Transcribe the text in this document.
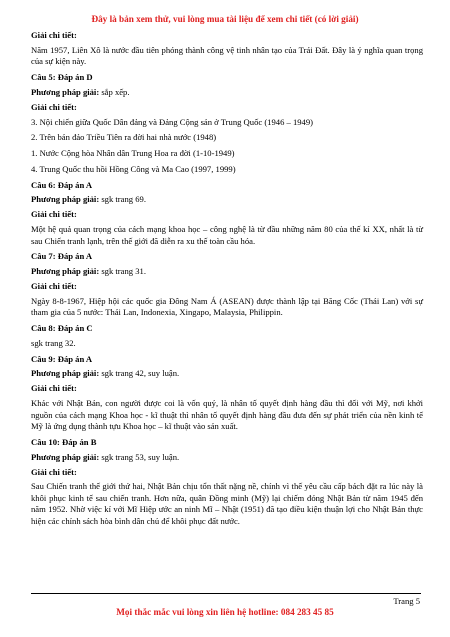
Đây là bản xem thử, vui lòng mua tài liệu để xem chi tiết (có lời giải)

Giải chi tiết:

Năm 1957, Liên Xô là nước đầu tiên phóng thành công vệ tinh nhân tạo của Trái Đất. Đây là ý nghĩa quan trọng của sự kiện này.

Câu 5: Đáp án D

Phương pháp giải: sắp xếp.

Giải chi tiết:

3. Nội chiến giữa Quốc Dân đảng và Đảng Cộng sản ở Trung Quốc (1946 – 1949)

2. Trên bán đảo Triều Tiên ra đời hai nhà nước (1948)

1. Nước Cộng hòa Nhân dân Trung Hoa ra đời (1-10-1949)

4. Trung Quốc thu hồi Hồng Công và Ma Cao (1997, 1999)

Câu 6: Đáp án A

Phương pháp giải: sgk trang 69.

Giải chi tiết:

Một hệ quả quan trọng của cách mạng khoa học – công nghệ là từ đầu những năm 80 của thế kỉ XX, nhất là từ sau Chiến tranh lạnh, trên thế giới đã diễn ra xu thế toàn cầu hóa.

Câu 7: Đáp án A

Phương pháp giải: sgk trang 31.

Giải chi tiết:

Ngày 8-8-1967, Hiệp hội các quốc gia Đông Nam Á (ASEAN) được thành lập tại Băng Cốc (Thái Lan) với sự tham gia của 5 nước: Thái Lan, Indonexia, Xingapo, Malaysia, Philippin.

Câu 8: Đáp án C

sgk trang 32.

Câu 9: Đáp án A

Phương pháp giải: sgk trang 42, suy luận.

Giải chi tiết:

Khác với Nhật Bản, con người được coi là vốn quý, là nhân tố quyết định hàng đầu thì đối với Mỹ, nơi khởi nguồn của cách mạng Khoa học - kĩ thuật thì nhân tố quyết định hàng đầu đưa đến sự phát triển của nền kinh tế Mỹ là ứng dụng thành tựu Khoa học – kĩ thuật vào sản xuất.

Câu 10: Đáp án B

Phương pháp giải: sgk trang 53, suy luận.

Giải chi tiết:

Sau Chiến tranh thế giới thứ hai, Nhật Bản chịu tổn thất nặng nề, chính vì thế yêu cầu cấp bách đặt ra lúc này là khôi phục kinh tế sau chiến tranh. Hơn nữa, quân Đồng minh (Mỹ) lại chiếm đóng Nhật Bản từ năm 1945 đến năm 1952. Nhờ việc kí với Mĩ Hiệp ước an ninh Mĩ – Nhật (1951) đã tạo điều kiện thuận lợi cho Nhật Bản thực hiện các chính sách hòa bình dân chủ để khôi phục đất nước.

Trang 5
Mọi thắc mắc vui lòng xin liên hệ hotline: 084 283 45 85
